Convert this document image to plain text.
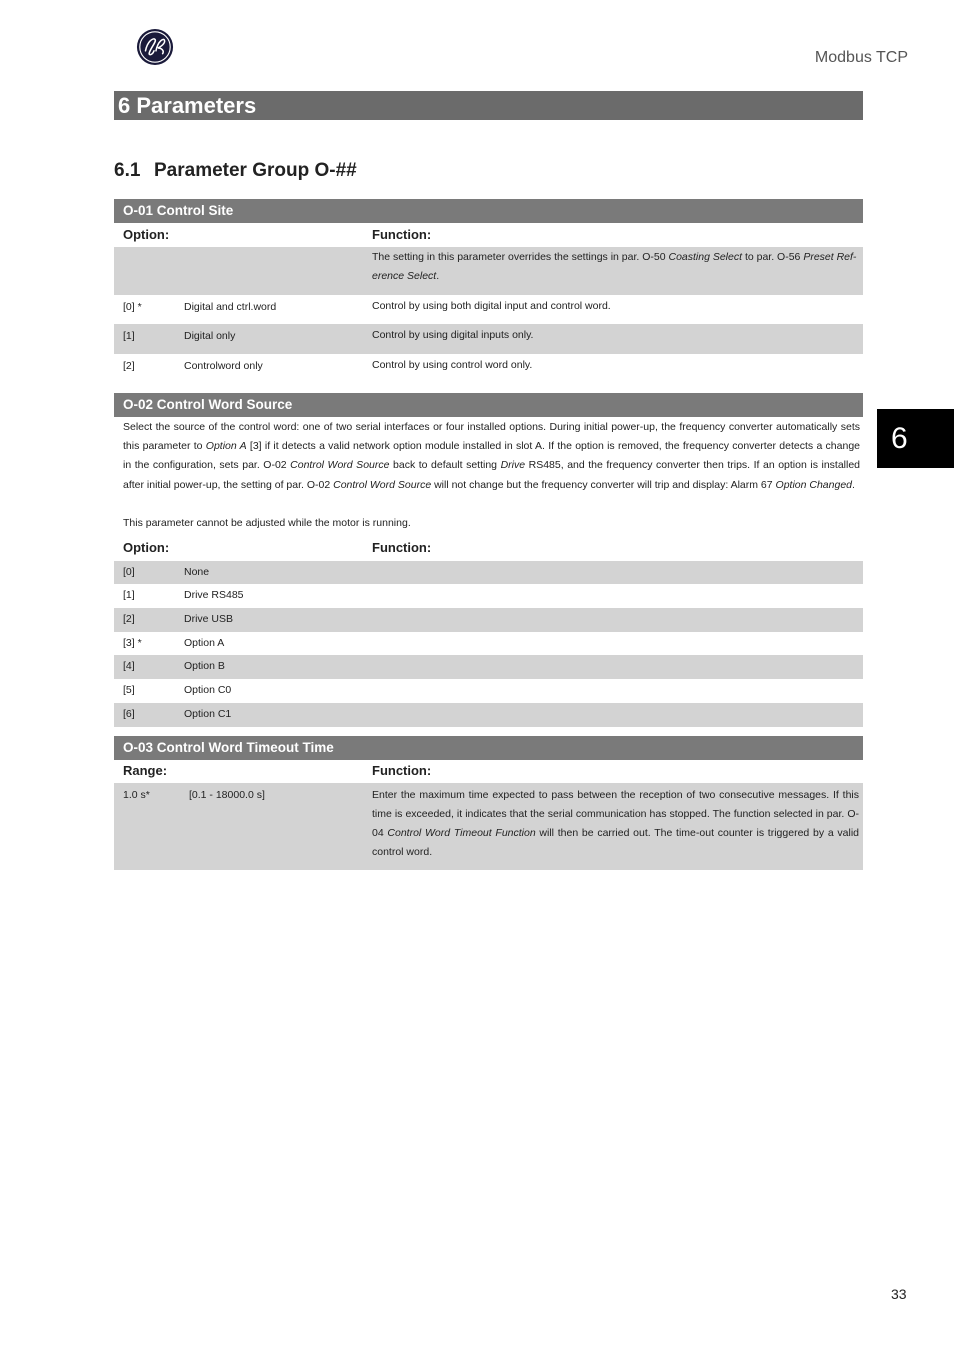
Modbus TCP
6 Parameters
6
6.1 Parameter Group O-##
O-01 Control Site
Option:	Function:
The setting in this parameter overrides the settings in par. O-50 Coasting Select to par. O-56 Preset Ref- erence Select.
[0] *	Digital and ctrl.word	Control by using both digital input and control word.
[1]	Digital only	Control by using digital inputs only.
[2]	Controlword only	Control by using control word only.
O-02 Control Word Source
Select the source of the control word: one of two serial interfaces or four installed options. During initial power-up, the frequency converter automatically sets this parameter to Option A [3] if it detects a valid network option module installed in slot A. If the option is removed, the frequency converter detects a change in the configuration, sets par. O-02 Control Word Source back to default setting Drive RS485, and the frequency converter then trips. If an option is installed after initial power-up, the setting of par. O-02 Control Word Source will not change but the frequency converter will trip and display: Alarm 67 Option Changed.
This parameter cannot be adjusted while the motor is running.
Option:	Function:
[0]	None
[1]	Drive RS485
[2]	Drive USB
[3] *	Option A
[4]	Option B
[5]	Option C0
[6]	Option C1
O-03 Control Word Timeout Time
Range:	Function:
1.0 s*	[0.1 - 18000.0 s]	Enter the maximum time expected to pass between the reception of two consecutive messages. If this time is exceeded, it indicates that the serial communication has stopped. The function selected in par. O-04 Control Word Timeout Function will then be carried out. The time-out counter is triggered by a valid control word.
33
